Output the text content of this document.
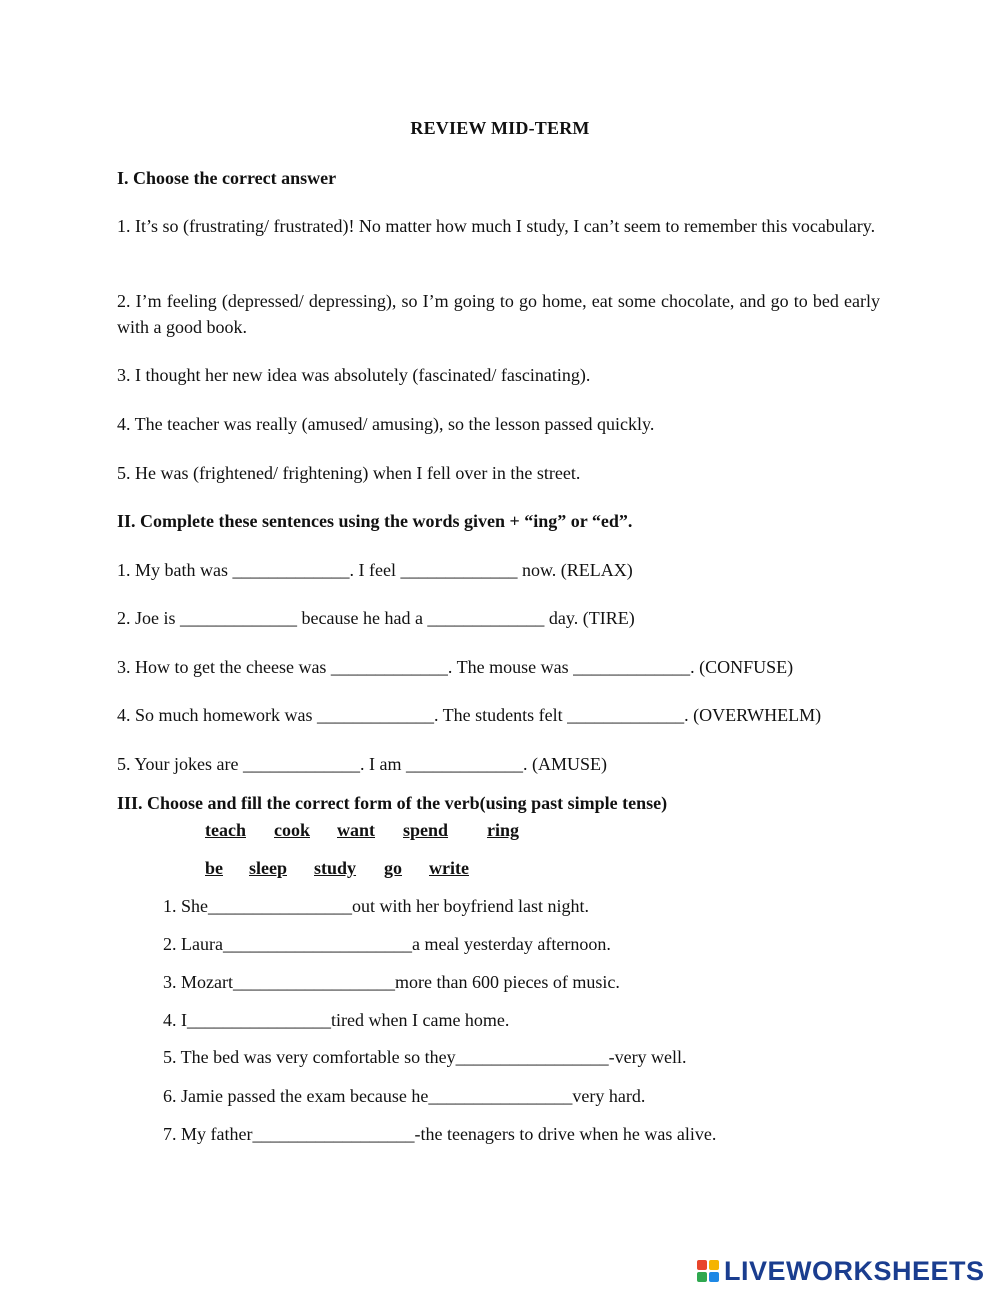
REVIEW MID-TERM
I. Choose the correct answer
1. It’s so (frustrating/ frustrated)! No matter how much I study, I can’t seem to remember this vocabulary.
2. I’m feeling (depressed/ depressing), so I’m going to go home, eat some chocolate, and go to bed early with a good book.
3. I thought her new idea was absolutely (fascinated/ fascinating).
4. The teacher was really (amused/ amusing), so the lesson passed quickly.
5. He was (frightened/ frightening) when I fell over in the street.
II. Complete these sentences using the words given + “ing” or “ed”.
1. My bath was _____________. I feel _____________ now. (RELAX)
2. Joe is _____________ because he had a _____________ day. (TIRE)
3. How to get the cheese was _____________. The mouse was _____________. (CONFUSE)
4. So much homework was _____________. The students felt _____________. (OVERWHELM)
5. Your jokes are _____________. I am _____________. (AMUSE)
III. Choose and fill the correct form of the verb(using past simple tense)
teach cook want spend ring
be sleep study go write
1. She________________out with her boyfriend last night.
2. Laura_____________________a meal yesterday afternoon.
3. Mozart__________________more than 600 pieces of music.
4. I________________tired when I came home.
5. The bed was very comfortable so they_________________-very well.
6. Jamie passed the exam because he________________very hard.
7. My father__________________-the teenagers to drive when he was alive.
LIVEWORKSHEETS
